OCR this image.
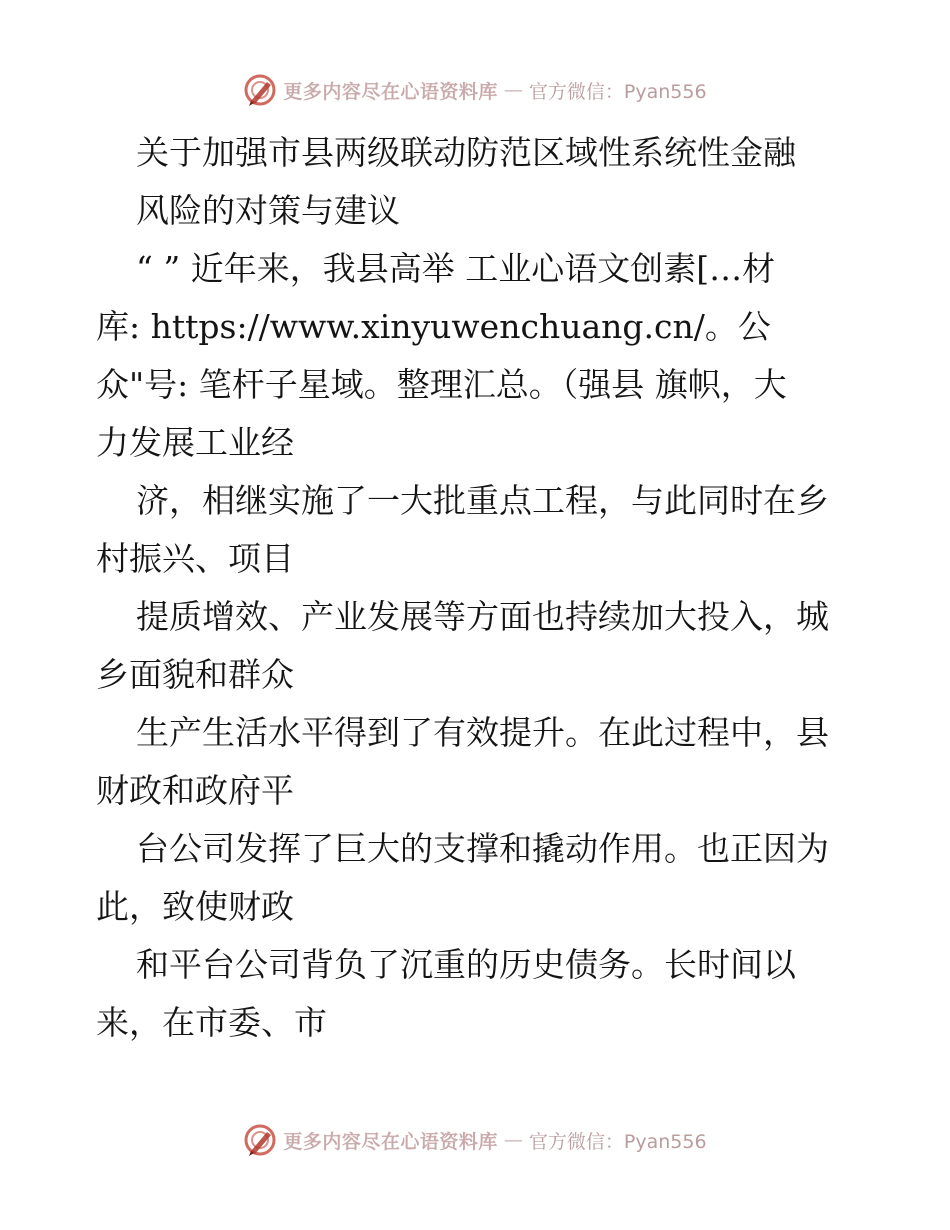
更多内容尽在心语资料库 — 官方微信：Pyan556
关于加强市县两级联动防范区域性系统性金融
风险的对策与建议
“ ” 近年来，我县高举 工业心语文创素[…材
库: https://www.xinyuwenchuang.cn/。公
众"号: 笔杆子星域。整理汇总。（强县 旗帜，大
力发展工业经
济，相继实施了一大批重点工程，与此同时在乡
村振兴、项目
提质增效、产业发展等方面也持续加大投入，城
乡面貌和群众
生产生活水平得到了有效提升。在此过程中，县
财政和政府平
台公司发挥了巨大的支撑和撬动作用。也正因为
此，致使财政
和平台公司背负了沉重的历史债务。长时间以
来，在市委、市
更多内容尽在心语资料库 — 官方微信：Pyan556
